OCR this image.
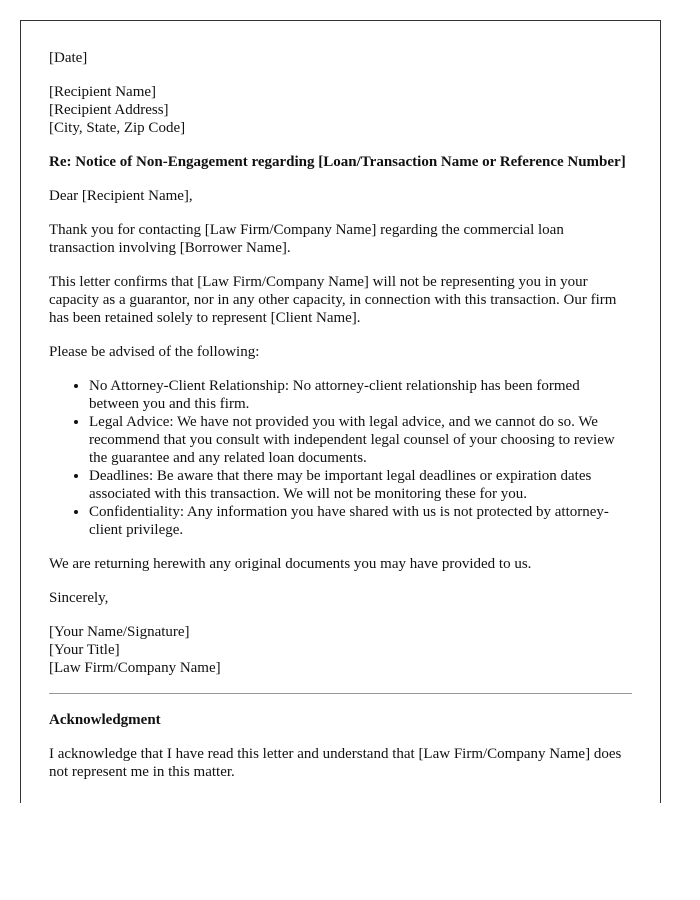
[Date]

[Recipient Name]
[Recipient Address]
[City, State, Zip Code]

Re: Notice of Non-Engagement regarding [Loan/Transaction Name or Reference Number]

Dear [Recipient Name],

Thank you for contacting [Law Firm/Company Name] regarding the commercial loan transaction involving [Borrower Name].

This letter confirms that [Law Firm/Company Name] will not be representing you in your capacity as a guarantor, nor in any other capacity, in connection with this transaction. Our firm has been retained solely to represent [Client Name].

Please be advised of the following:

• No Attorney-Client Relationship: No attorney-client relationship has been formed between you and this firm.
• Legal Advice: We have not provided you with legal advice, and we cannot do so. We recommend that you consult with independent legal counsel of your choosing to review the guarantee and any related loan documents.
• Deadlines: Be aware that there may be important legal deadlines or expiration dates associated with this transaction. We will not be monitoring these for you.
• Confidentiality: Any information you have shared with us is not protected by attorney-client privilege.

We are returning herewith any original documents you may have provided to us.

Sincerely,

[Your Name/Signature]
[Your Title]
[Law Firm/Company Name]

Acknowledgment

I acknowledge that I have read this letter and understand that [Law Firm/Company Name] does not represent me in this matter.
